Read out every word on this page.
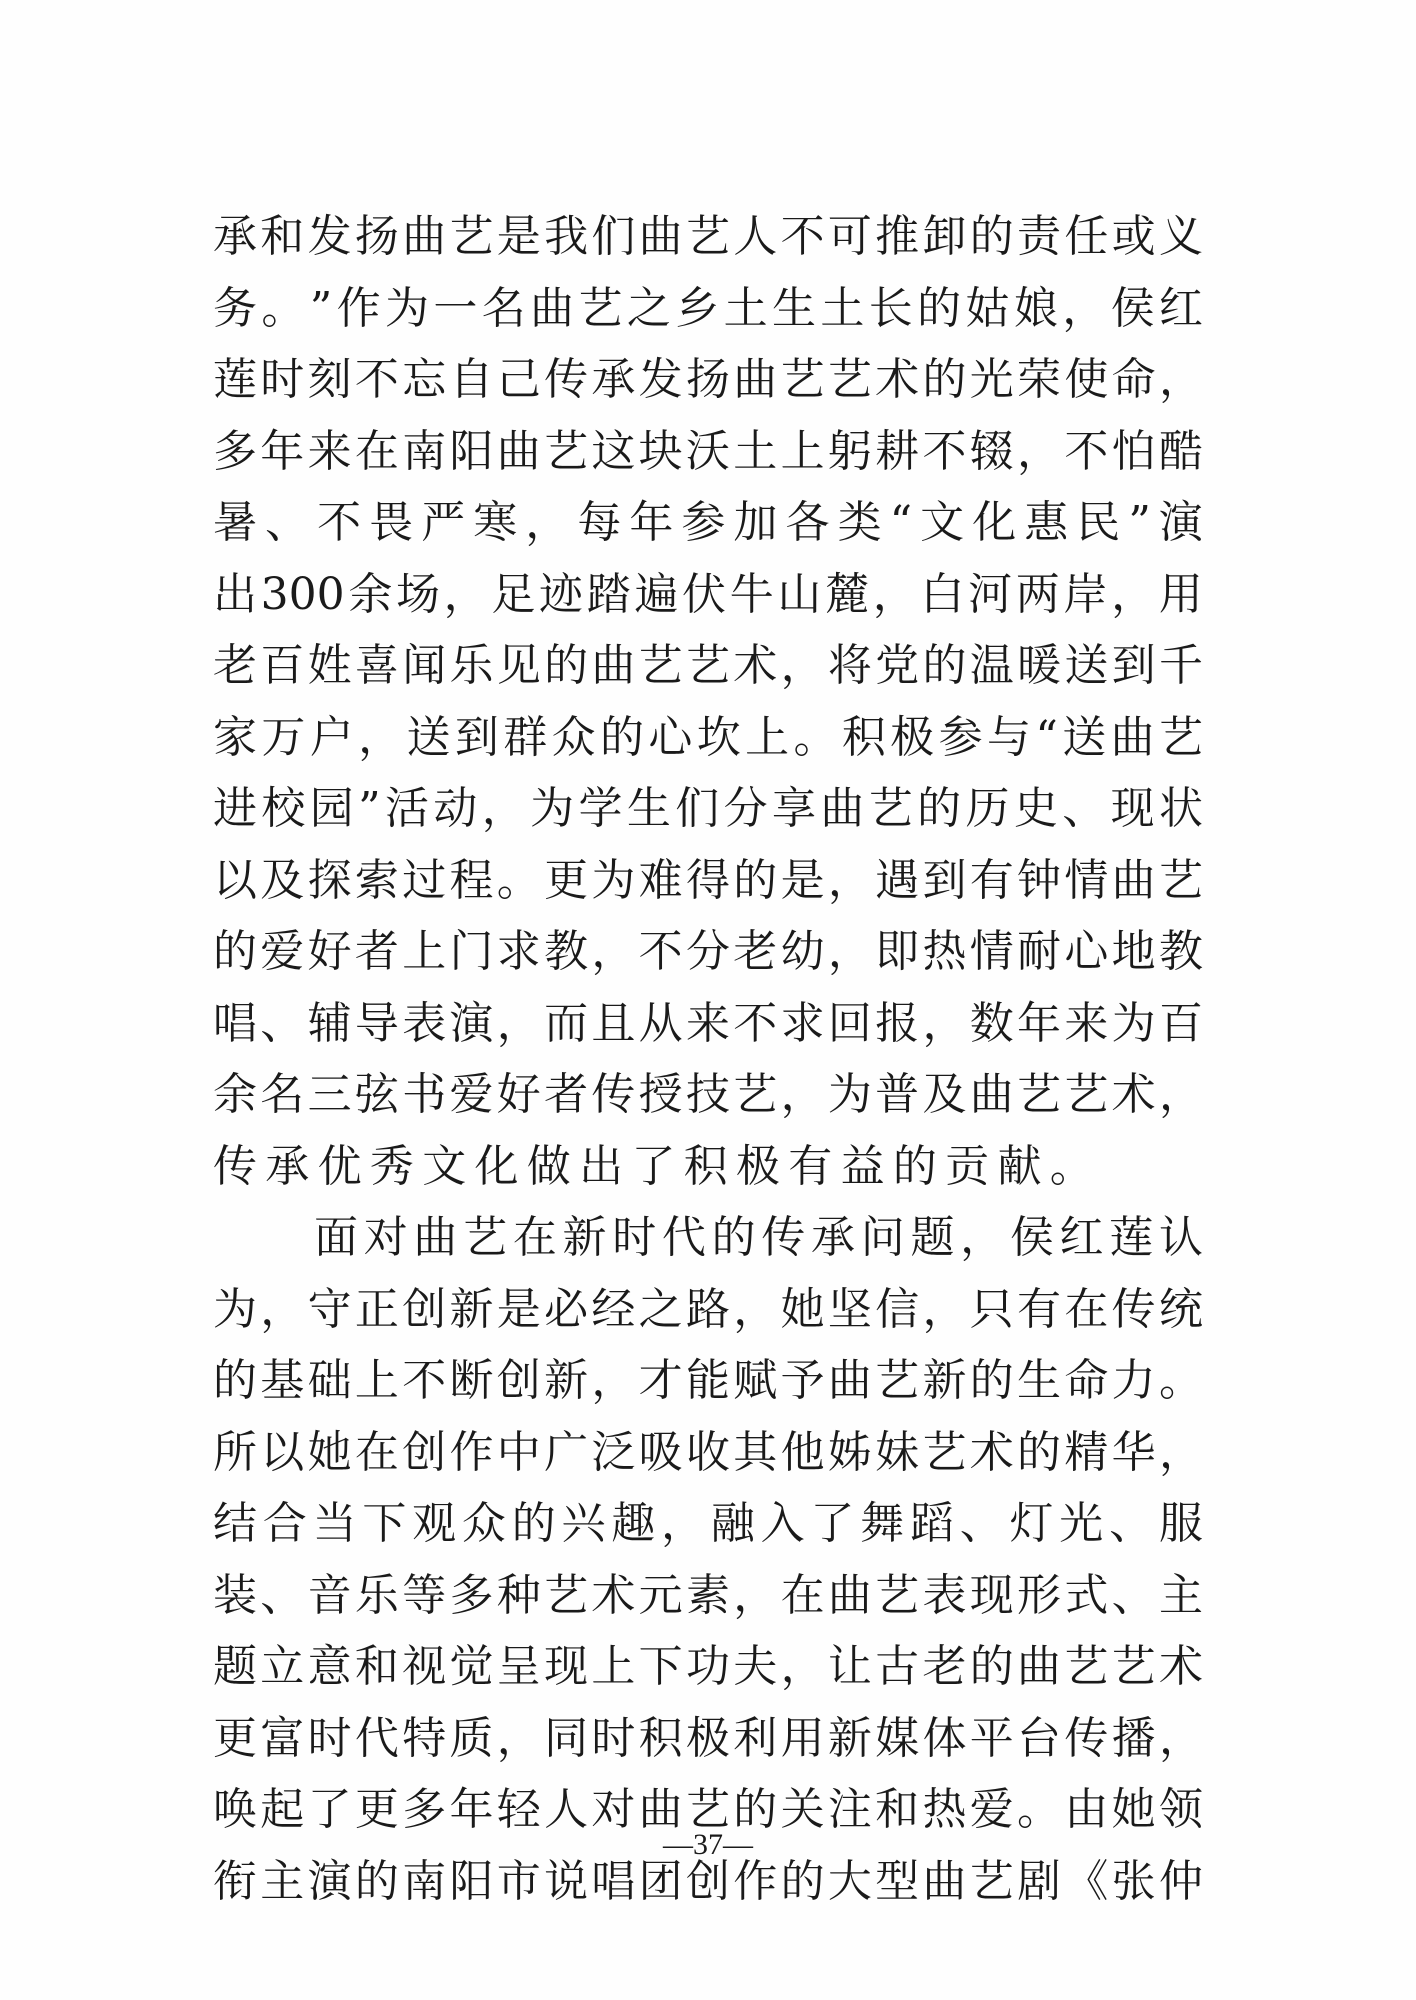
承 和 发 扬 曲 艺 是 我 们 曲 艺 人 不 可 推 卸 的 责 任 或 义
务 。 ” 作 为 一 名 曲 艺 之 乡 土 生 土 长 的 姑 娘 ， 侯 红
莲 时 刻 不 忘 自 己 传 承 发 扬 曲 艺 艺 术 的 光 荣 使 命 ，
多 年 来 在 南 阳 曲 艺 这 块 沃 土 上 躬 耕 不 辍 ， 不 怕 酷
暑 、 不 畏 严 寒 ， 每 年 参 加 各 类 “ 文 化 惠 民 ” 演
出 300 余 场 ， 足 迹 踏 遍 伏 牛 山 麓 ， 白 河 两 岸 ， 用
老 百 姓 喜 闻 乐 见 的 曲 艺 艺 术 ， 将 党 的 温 暖 送 到 千
家 万 户 ， 送 到 群 众 的 心 坎 上 。 积 极 参 与 “ 送 曲 艺
进 校 园 ” 活 动 ， 为 学 生 们 分 享 曲 艺 的 历 史 、 现 状
以 及 探 索 过 程 。 更 为 难 得 的 是 ， 遇 到 有 钟 情 曲 艺
的 爱 好 者 上 门 求 教 ， 不 分 老 幼 ， 即 热 情 耐 心 地 教
唱 、 辅 导 表 演 ， 而 且 从 来 不 求 回 报 ， 数 年 来 为 百
余 名 三 弦 书 爱 好 者 传 授 技 艺 ， 为 普 及 曲 艺 艺 术 ，
传 承 优 秀 文 化 做 出 了 积 极 有 益 的 贡 献 。
面 对 曲 艺 在 新 时 代 的 传 承 问 题 ， 侯 红 莲 认
为 ， 守 正 创 新 是 必 经 之 路 ， 她 坚 信 ， 只 有 在 传 统
的 基 础 上 不 断 创 新 ， 才 能 赋 予 曲 艺 新 的 生 命 力 。
所 以 她 在 创 作 中 广 泛 吸 收 其 他 姊 妹 艺 术 的 精 华 ，
结 合 当 下 观 众 的 兴 趣 ， 融 入 了 舞 蹈 、 灯 光 、 服
装 、 音 乐 等 多 种 艺 术 元 素 ， 在 曲 艺 表 现 形 式 、 主
题 立 意 和 视 觉 呈 现 上 下 功 夫 ， 让 古 老 的 曲 艺 艺 术
更 富 时 代 特 质 ， 同 时 积 极 利 用 新 媒 体 平 台 传 播 ，
唤 起 了 更 多 年 轻 人 对 曲 艺 的 关 注 和 热 爱 。 由 她 领
衔 主 演 的 南 阳 市 说 唱 团 创 作 的 大 型 曲 艺 剧 《 张 仲
—37—
